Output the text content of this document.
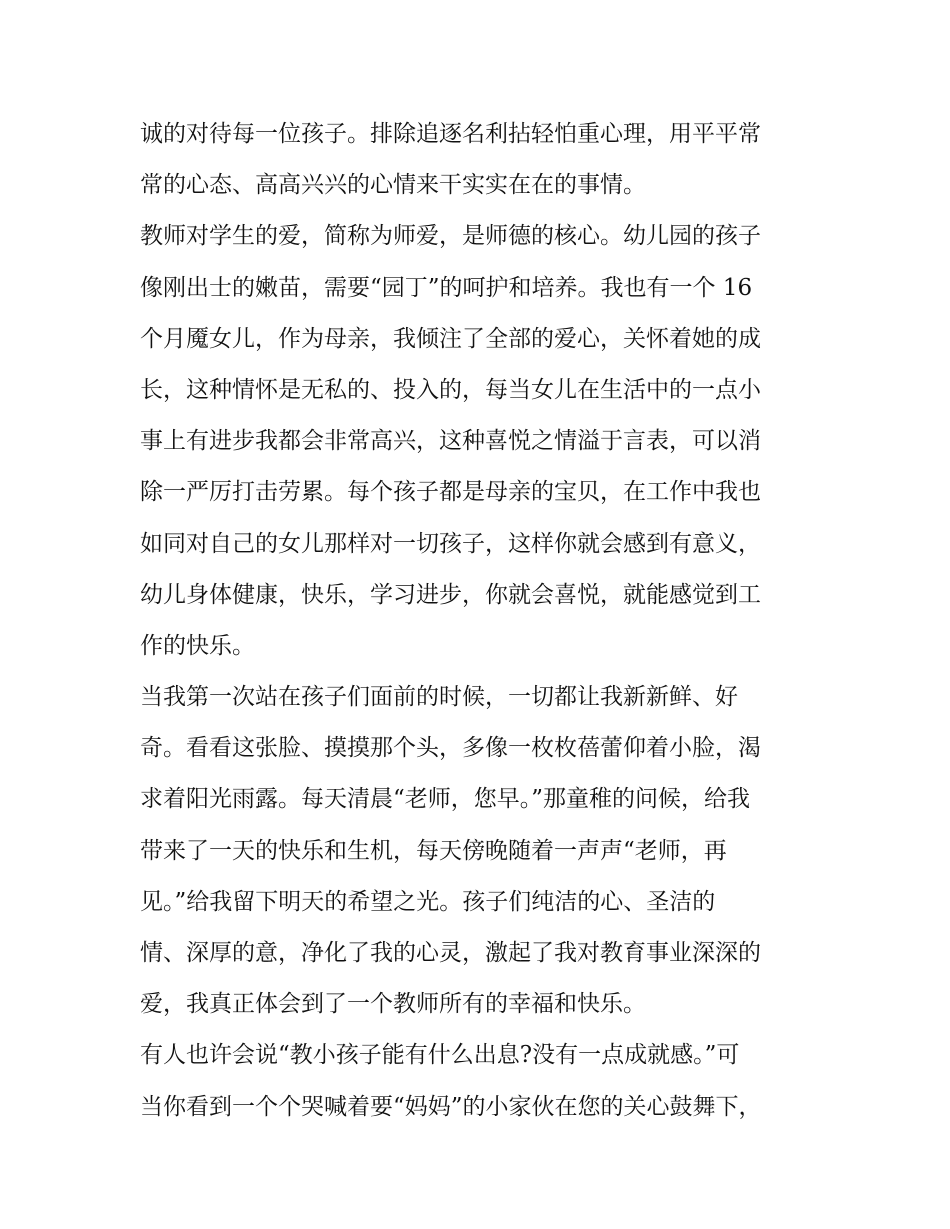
诚的对待每一位孩子。排除追逐名利拈轻怕重心理，用平平常
常的心态、高高兴兴的心情来干实实在在的事情。
教师对学生的爱，简称为师爱，是师德的核心。幼儿园的孩子
像刚出士的嫩苗，需要“园丁”的呵护和培养。我也有一个 16
个月魇女儿，作为母亲，我倾注了全部的爱心，关怀着她的成
长，这种情怀是无私的、投入的，每当女儿在生活中的一点小
事上有进步我都会非常高兴，这种喜悦之情溢于言表，可以消
除一严厉打击劳累。每个孩子都是母亲的宝贝，在工作中我也
如同对自己的女儿那样对一切孩子，这样你就会感到有意义，
幼儿身体健康，快乐，学习进步，你就会喜悦，就能感觉到工
作的快乐。
当我第一次站在孩子们面前的时候，一切都让我新新鲜、好
奇。看看这张脸、摸摸那个头，多像一枚枚蓓蕾仰着小脸，渴
求着阳光雨露。每天清晨“老师，您早。”那童稚的问候，给我
带来了一天的快乐和生机，每天傍晚随着一声声“老师，再
见。”给我留下明天的希望之光。孩子们纯洁的心、圣洁的
情、深厚的意，净化了我的心灵，激起了我对教育事业深深的
爱，我真正体会到了一个教师所有的幸福和快乐。
有人也许会说“教小孩子能有什么出息?没有一点成就感。”可
当你看到一个个哭喊着要“妈妈”的小家伙在您的关心鼓舞下，
